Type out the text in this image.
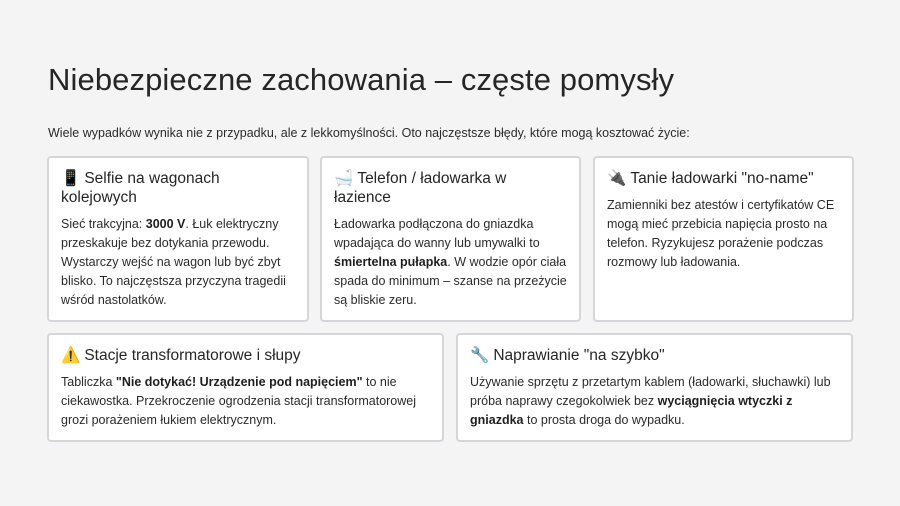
Niebezpieczne zachowania – częste pomysły

Wiele wypadków wynika nie z przypadku, ale z lekkomyślności. Oto najczęstsze błędy, które mogą kosztować życie:

📱 Selfie na wagonach kolejowych

Sieć trakcyjna: 3000 V. Łuk elektryczny przeskakuje bez dotykania przewodu. Wystarczy wejść na wagon lub być zbyt blisko. To najczęstsza przyczyna tragedii wśród nastolatków.

🛁 Telefon / ładowarka w łazience

Ładowarka podłączona do gniazdka wpadająca do wanny lub umywalki to śmiertelna pułapka. W wodzie opór ciała spada do minimum – szanse na przeżycie są bliskie zeru.

🔌 Tanie ładowarki "no-name"

Zamienniki bez atestów i certyfikatów CE mogą mieć przebicia napięcia prosto na telefon. Ryzykujesz porażenie podczas rozmowy lub ładowania.

⚠️ Stacje transformatorowe i słupy

Tabliczka "Nie dotykać! Urządzenie pod napięciem" to nie ciekawostka. Przekroczenie ogrodzenia stacji transformatorowej grozi porażeniem łukiem elektrycznym.

🔧 Naprawianie "na szybko"

Używanie sprzętu z przetartym kablem (ładowarki, słuchawki) lub próba naprawy czegokolwiek bez wyciągnięcia wtyczki z gniazdka to prosta droga do wypadku.
